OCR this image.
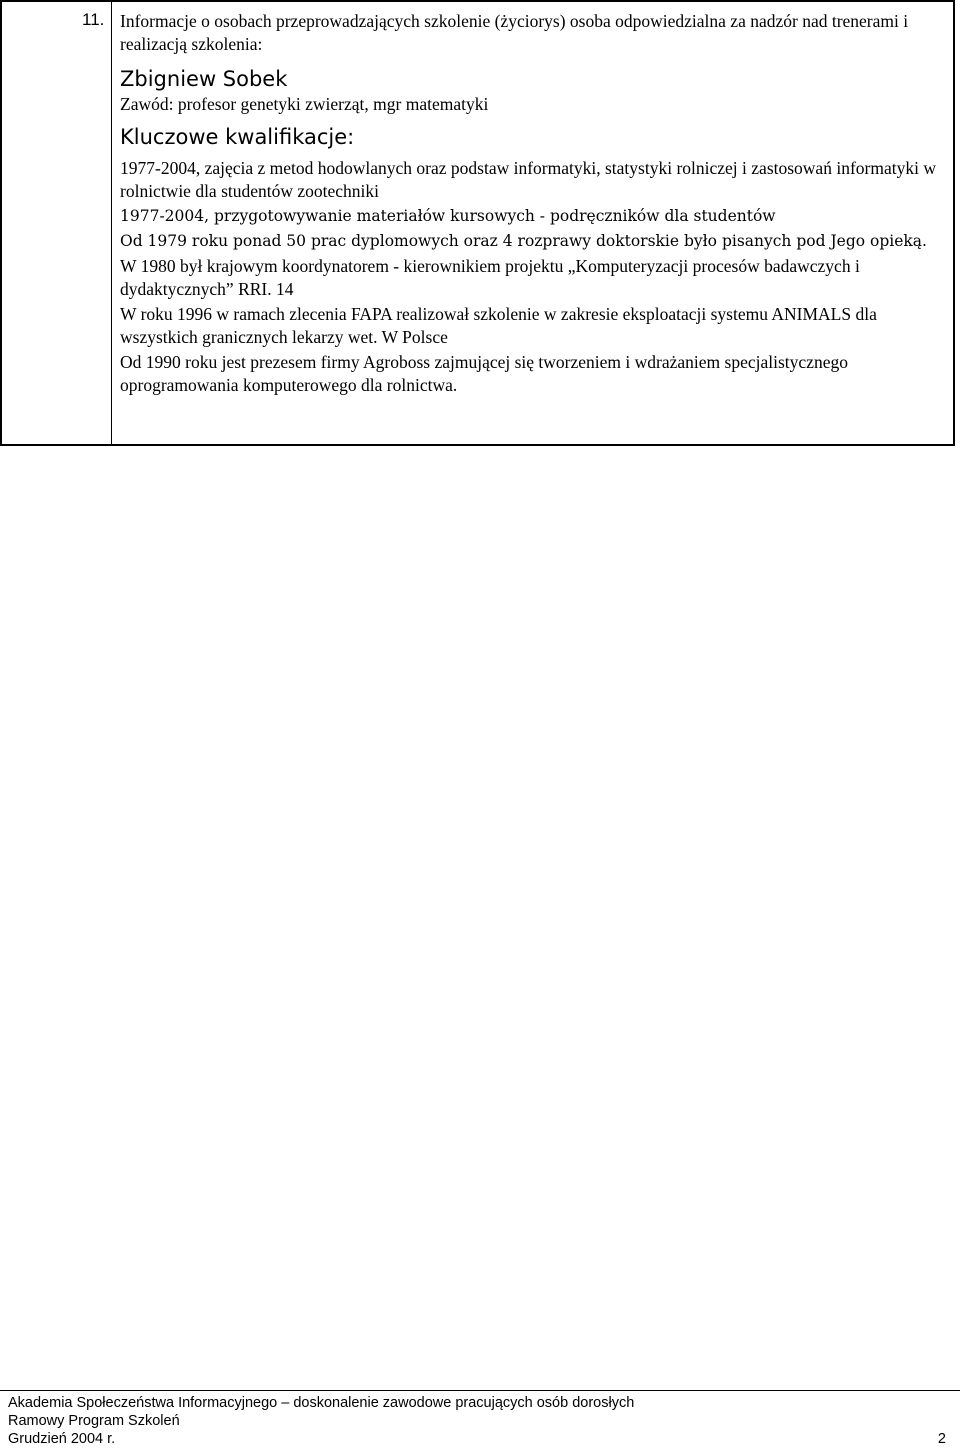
11. Informacje o osobach przeprowadzających szkolenie (życiorys) osoba odpowiedzialna za nadzór nad trenerami i realizacją szkolenia:

Zbigniew Sobek

Zawód: profesor genetyki zwierząt, mgr matematyki

Kluczowe kwalifikacje:

1977-2004, zajęcia z metod hodowlanych oraz podstaw informatyki, statystyki rolniczej i zastosowań informatyki w rolnictwie dla studentów zootechniki

1977-2004, przygotowywanie materiałów kursowych - podręczników dla studentów

Od 1979 roku ponad 50 prac dyplomowych oraz 4 rozprawy doktorskie było pisanych pod Jego opieką.

W 1980 był krajowym koordynatorem - kierownikiem projektu „Komputeryzacji procesów badawczych i dydaktycznych” RRI. 14

W roku 1996 w ramach zlecenia FAPA realizował szkolenie w zakresie eksploatacji systemu ANIMALS dla wszystkich granicznych lekarzy wet. W Polsce

Od 1990 roku jest prezesem firmy Agroboss zajmującej się tworzeniem i wdrażaniem specjalistycznego oprogramowania komputerowego dla rolnictwa.

Akademia Społeczeństwa Informacyjnego – doskonalenie zawodowe pracujących osób dorosłych
Ramowy Program Szkoleń
Grudzień 2004 r.	2
